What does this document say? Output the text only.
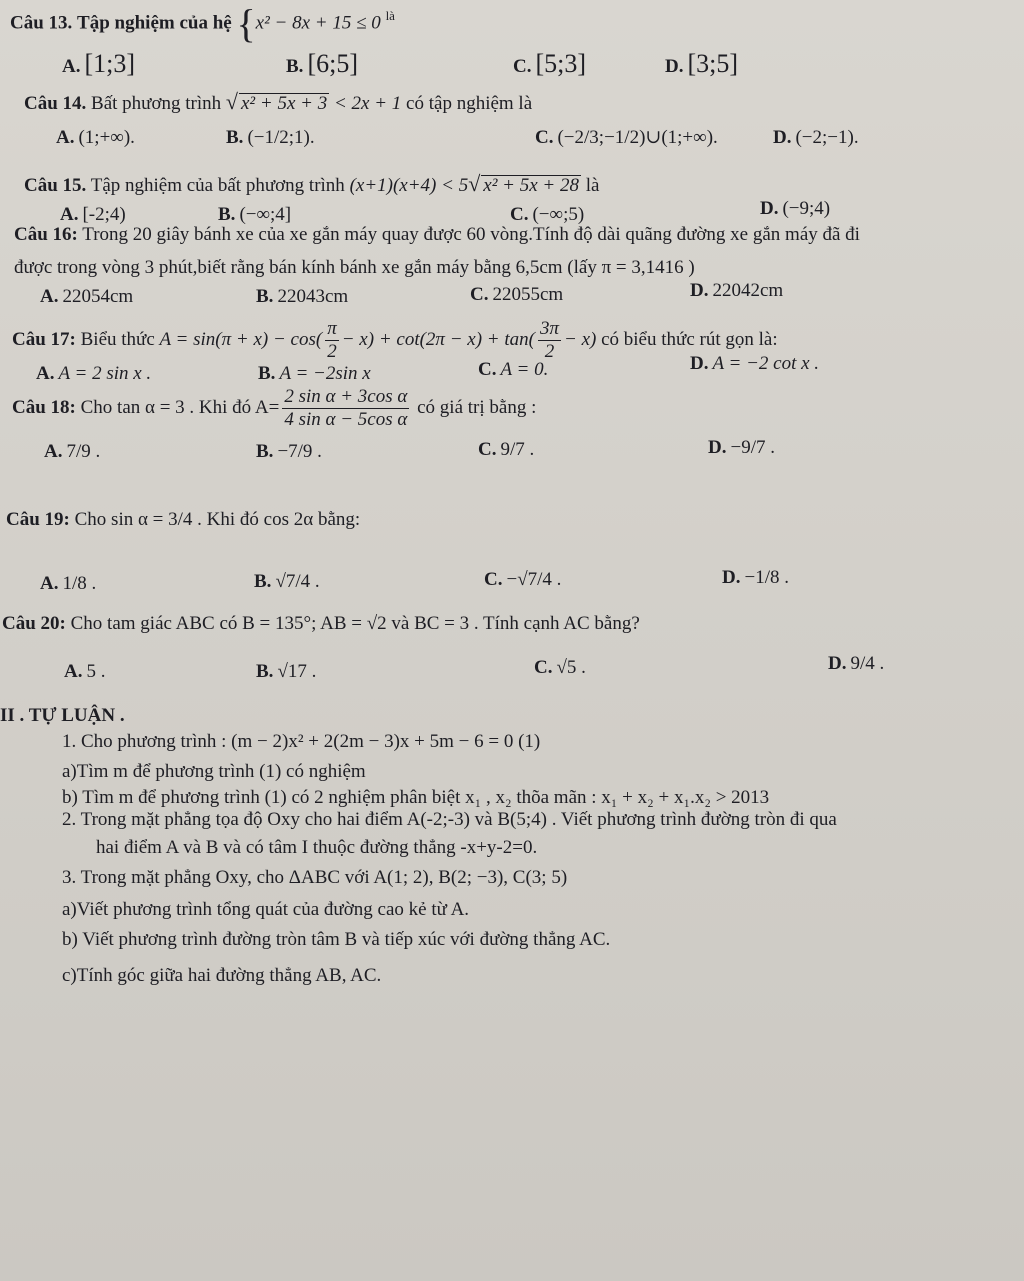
Câu 13. Tập nghiệm của hệ {x² − 8x + 15 ≤ 0 $^{là}$
A. [1;3]	B. [6;5]	C. [5;3]	D. [3;5]
Câu 14. Bất phương trình √ x² + 5x + 3 < 2x + 1 có tập nghiệm là
A. (1;+∞).	B. (−1/2;1).	C. (−2/3;−1/2)∪(1;+∞).	D. (−2;−1).
Câu 15. Tập nghiệm của bất phương trình (x+1)(x+4) < 5√ x² + 5x + 28 là
A. [-2;4)	B. (−∞;4]	C. (−∞;5)	D. (−9;4)
Câu 16: Trong 20 giây bánh xe của xe gắn máy quay được 60 vòng.Tính độ dài quãng đường xe gắn máy đã đi
được trong vòng 3 phút,biết rằng bán kính bánh xe gắn máy bằng 6,5cm (lấy π = 3,1416 )
A. 22054cm	B. 22043cm	C. 22055cm	D. 22042cm
Câu 17: Biểu thức $A = \sin(\pi + x) - \cos( \frac{\pi}{2} - x) + \cot(2\pi - x) + \tan( \frac{3\pi}{2} - x)$ có biểu thức rút gọn là:
A. A = 2 sin x .	B. A = −2sin x	C. A = 0.	D. A = −2 cot x .
Câu 18: Cho tan α = 3 . Khi đó $A= \frac{\text{2 sin α + 3cos α}}{\text{4 sin α − 5cos α}}$ có giá trị bằng :
A. 7/9 .	B. −7/9 .	C. 9/7 .	D. −9/7 .
Câu 19: Cho sin α = 3/4 . Khi đó cos 2α bằng:
A. 1/8 .	B. √7/4 .	C. −√7/4 .	D. −1/8 .
Câu 20: Cho tam giác ABC có B = 135°; AB = √2 và BC = 3 . Tính cạnh AC bằng?
A. 5 .	B. √17 .	C. √5 .	D. 9/4 .
II . TỰ LUẬN .
1. Cho phương trình : (m − 2)x² + 2(2m − 3)x + 5m − 6 = 0 (1)
a)Tìm m để phương trình (1) có nghiệm
b) Tìm m để phương trình (1) có 2 nghiệm phân biệt x₁ , x₂ thõa mãn : x₁ + x₂ + x₁.x₂ > 2013
2. Trong mặt phẳng tọa độ Oxy cho hai điểm A(-2;-3) và B(5;4) . Viết phương trình đường tròn đi qua
hai điểm A và B và có tâm I thuộc đường thẳng -x+y-2=0.
3. Trong mặt phẳng Oxy, cho ΔABC với A(1; 2), B(2; −3), C(3; 5)
a)Viết phương trình tổng quát của đường cao kẻ từ A.
b) Viết phương trình đường tròn tâm B và tiếp xúc với đường thẳng AC.
c)Tính góc giữa hai đường thẳng AB, AC.
